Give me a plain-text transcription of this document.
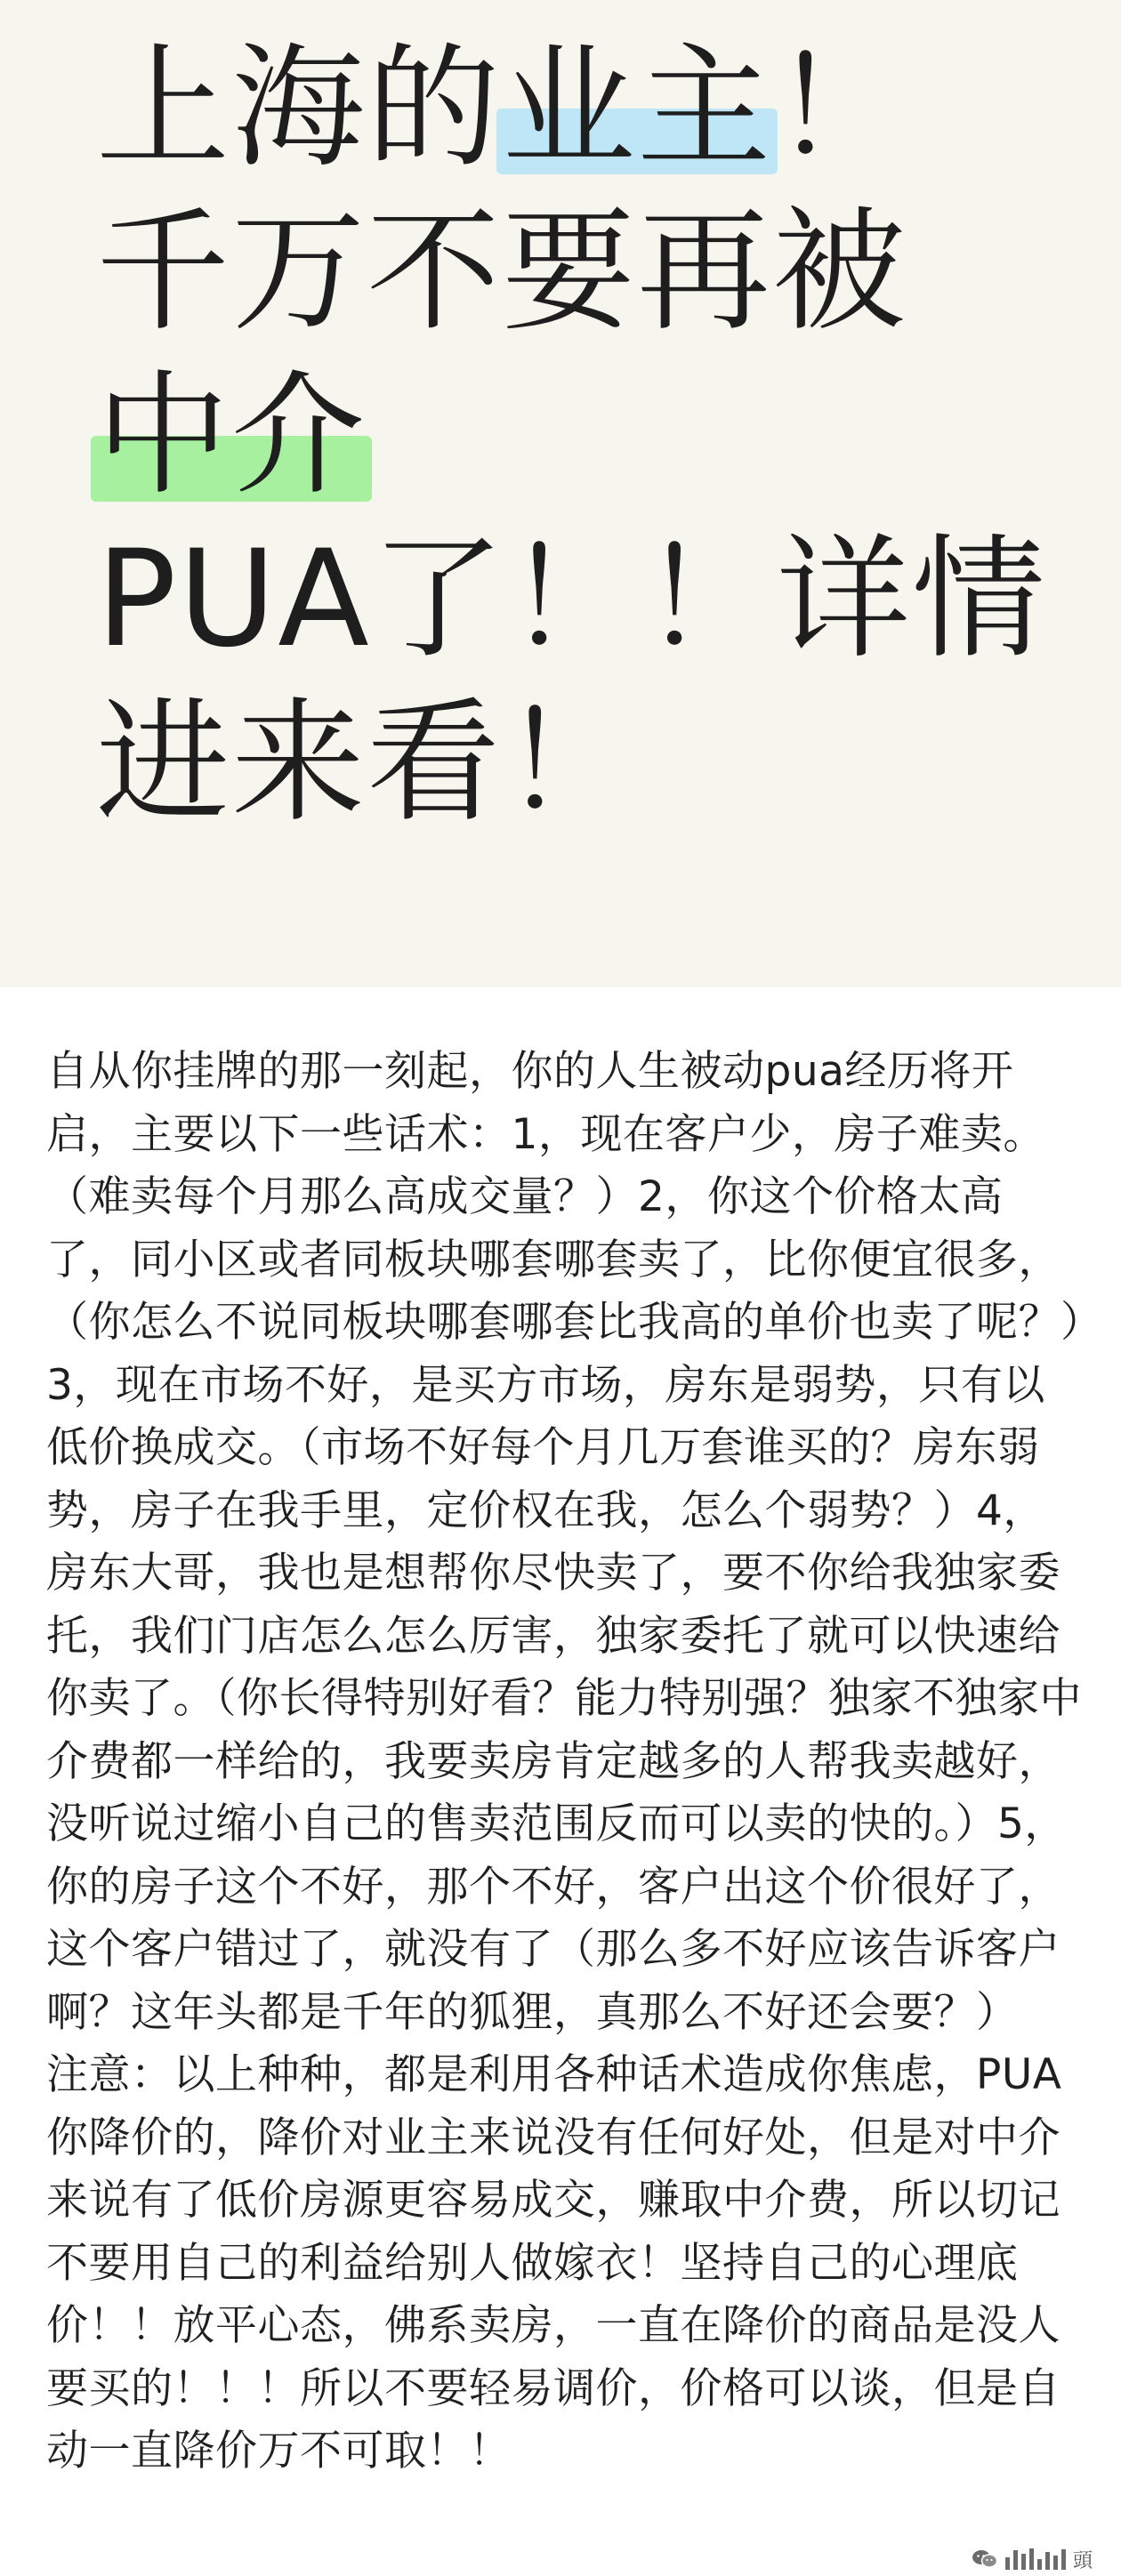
上海的业主！
千万不要再被
中介
PUA了！！详情
进来看！

自从你挂牌的那一刻起，你的人生被动pua经历将开启，主要以下一些话术：1，现在客户少，房子难卖。（难卖每个月那么高成交量？）2，你这个价格太高了，同小区或者同板块哪套哪套卖了，比你便宜很多，（你怎么不说同板块哪套哪套比我高的单价也卖了呢？）3，现在市场不好，是买方市场，房东是弱势，只有以低价换成交。（市场不好每个月几万套谁买的？房东弱势，房子在我手里，定价权在我，怎么个弱势？）4，房东大哥，我也是想帮你尽快卖了，要不你给我独家委托，我们门店怎么怎么厉害，独家委托了就可以快速给你卖了。（你长得特别好看？能力特别强？独家不独家中介费都一样给的，我要卖房肯定越多的人帮我卖越好，没听说过缩小自己的售卖范围反而可以卖的快的。）5，你的房子这个不好，那个不好，客户出这个价很好了，这个客户错过了，就没有了（那么多不好应该告诉客户啊？这年头都是千年的狐狸，真那么不好还会要？）

注意：以上种种，都是利用各种话术造成你焦虑，PUA你降价的，降价对业主来说没有任何好处，但是对中介来说有了低价房源更容易成交，赚取中介费，所以切记不要用自己的利益给别人做嫁衣！坚持自己的心理底价！！放平心态，佛系卖房，一直在降价的商品是没人要买的！！！所以不要轻易调价，价格可以谈，但是自动一直降价万不可取！！

頭
